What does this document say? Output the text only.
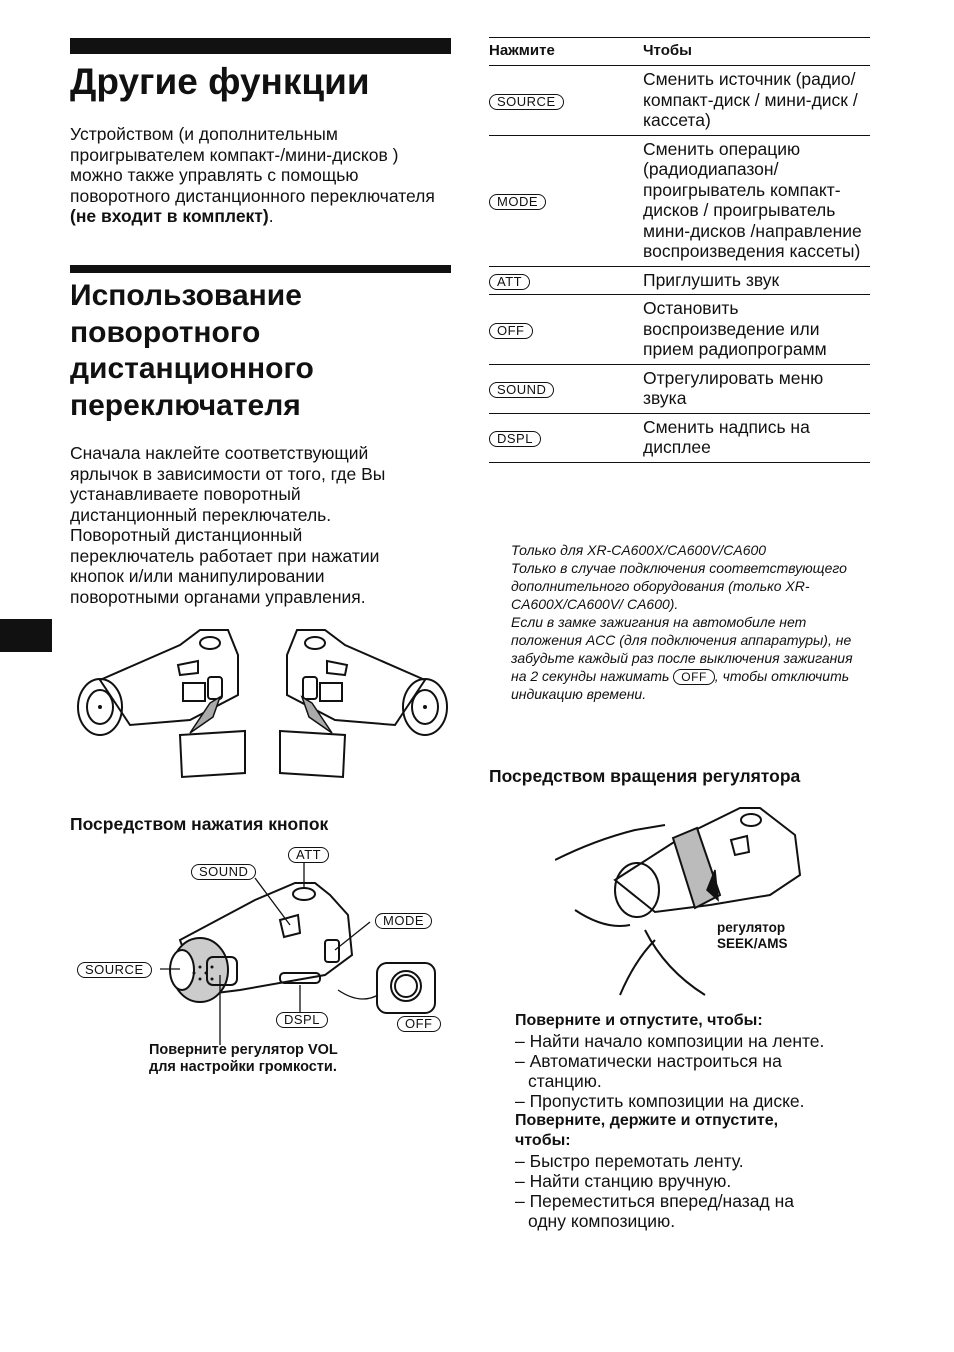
Другие функции
Устройством (и дополнительным проигрывателем компакт-/мини-дисков ) можно также управлять с помощью поворотного дистанционного переключателя (не входит в комплект).
Использование поворотного дистанционного переключателя
Сначала наклейте соответствующий ярлычок в зависимости от того, где Вы устанавливаете поворотный дистанционный переключатель. Поворотный дистанционный переключатель работает при нажатии кнопок и/или манипулировании поворотными органами управления.
Посредством нажатия кнопок
ATT
SOUND
MODE
SOURCE
DSPL	OFF
Поверните регулятор VOL
для настройки громкости.
Нажмите	Чтобы
SOURCE	Сменить источник (радио/компакт-диск / мини-диск /кассета)
MODE	Сменить операцию (радиодиапазон/ проигрыватель компакт-дисков / проигрыватель мини-дисков /направление воспроизведения кассеты)
ATT	Приглушить звук
OFF	Остановить воспроизведение или прием радиопрограмм
SOUND	Отрегулировать меню звука
DSPL	Сменить надпись на дисплее
Только для XR-CA600X/CA600V/CA600
Только в случае подключения соответствующего дополнительного оборудования (только XR-CA600X/CA600V/ CA600).
Если в замке зажигания на автомобиле нет положения ACC (для подключения аппаратуры), не забудьте каждый раз после выключения зажигания на 2 секунды нажимать OFF , чтобы отключить индикацию времени.
Посредством вращения регулятора
регулятор
SEEK/AMS
Поверните и отпустите, чтобы:
– Найти начало композиции на ленте.
– Автоматически настроиться на
станцию.
– Пропустить композиции на диске.
Поверните, держите и отпустите,
чтобы:
– Быстро перемотать ленту.
– Найти станцию вручную.
– Переместиться вперед/назад на
одну композицию.
